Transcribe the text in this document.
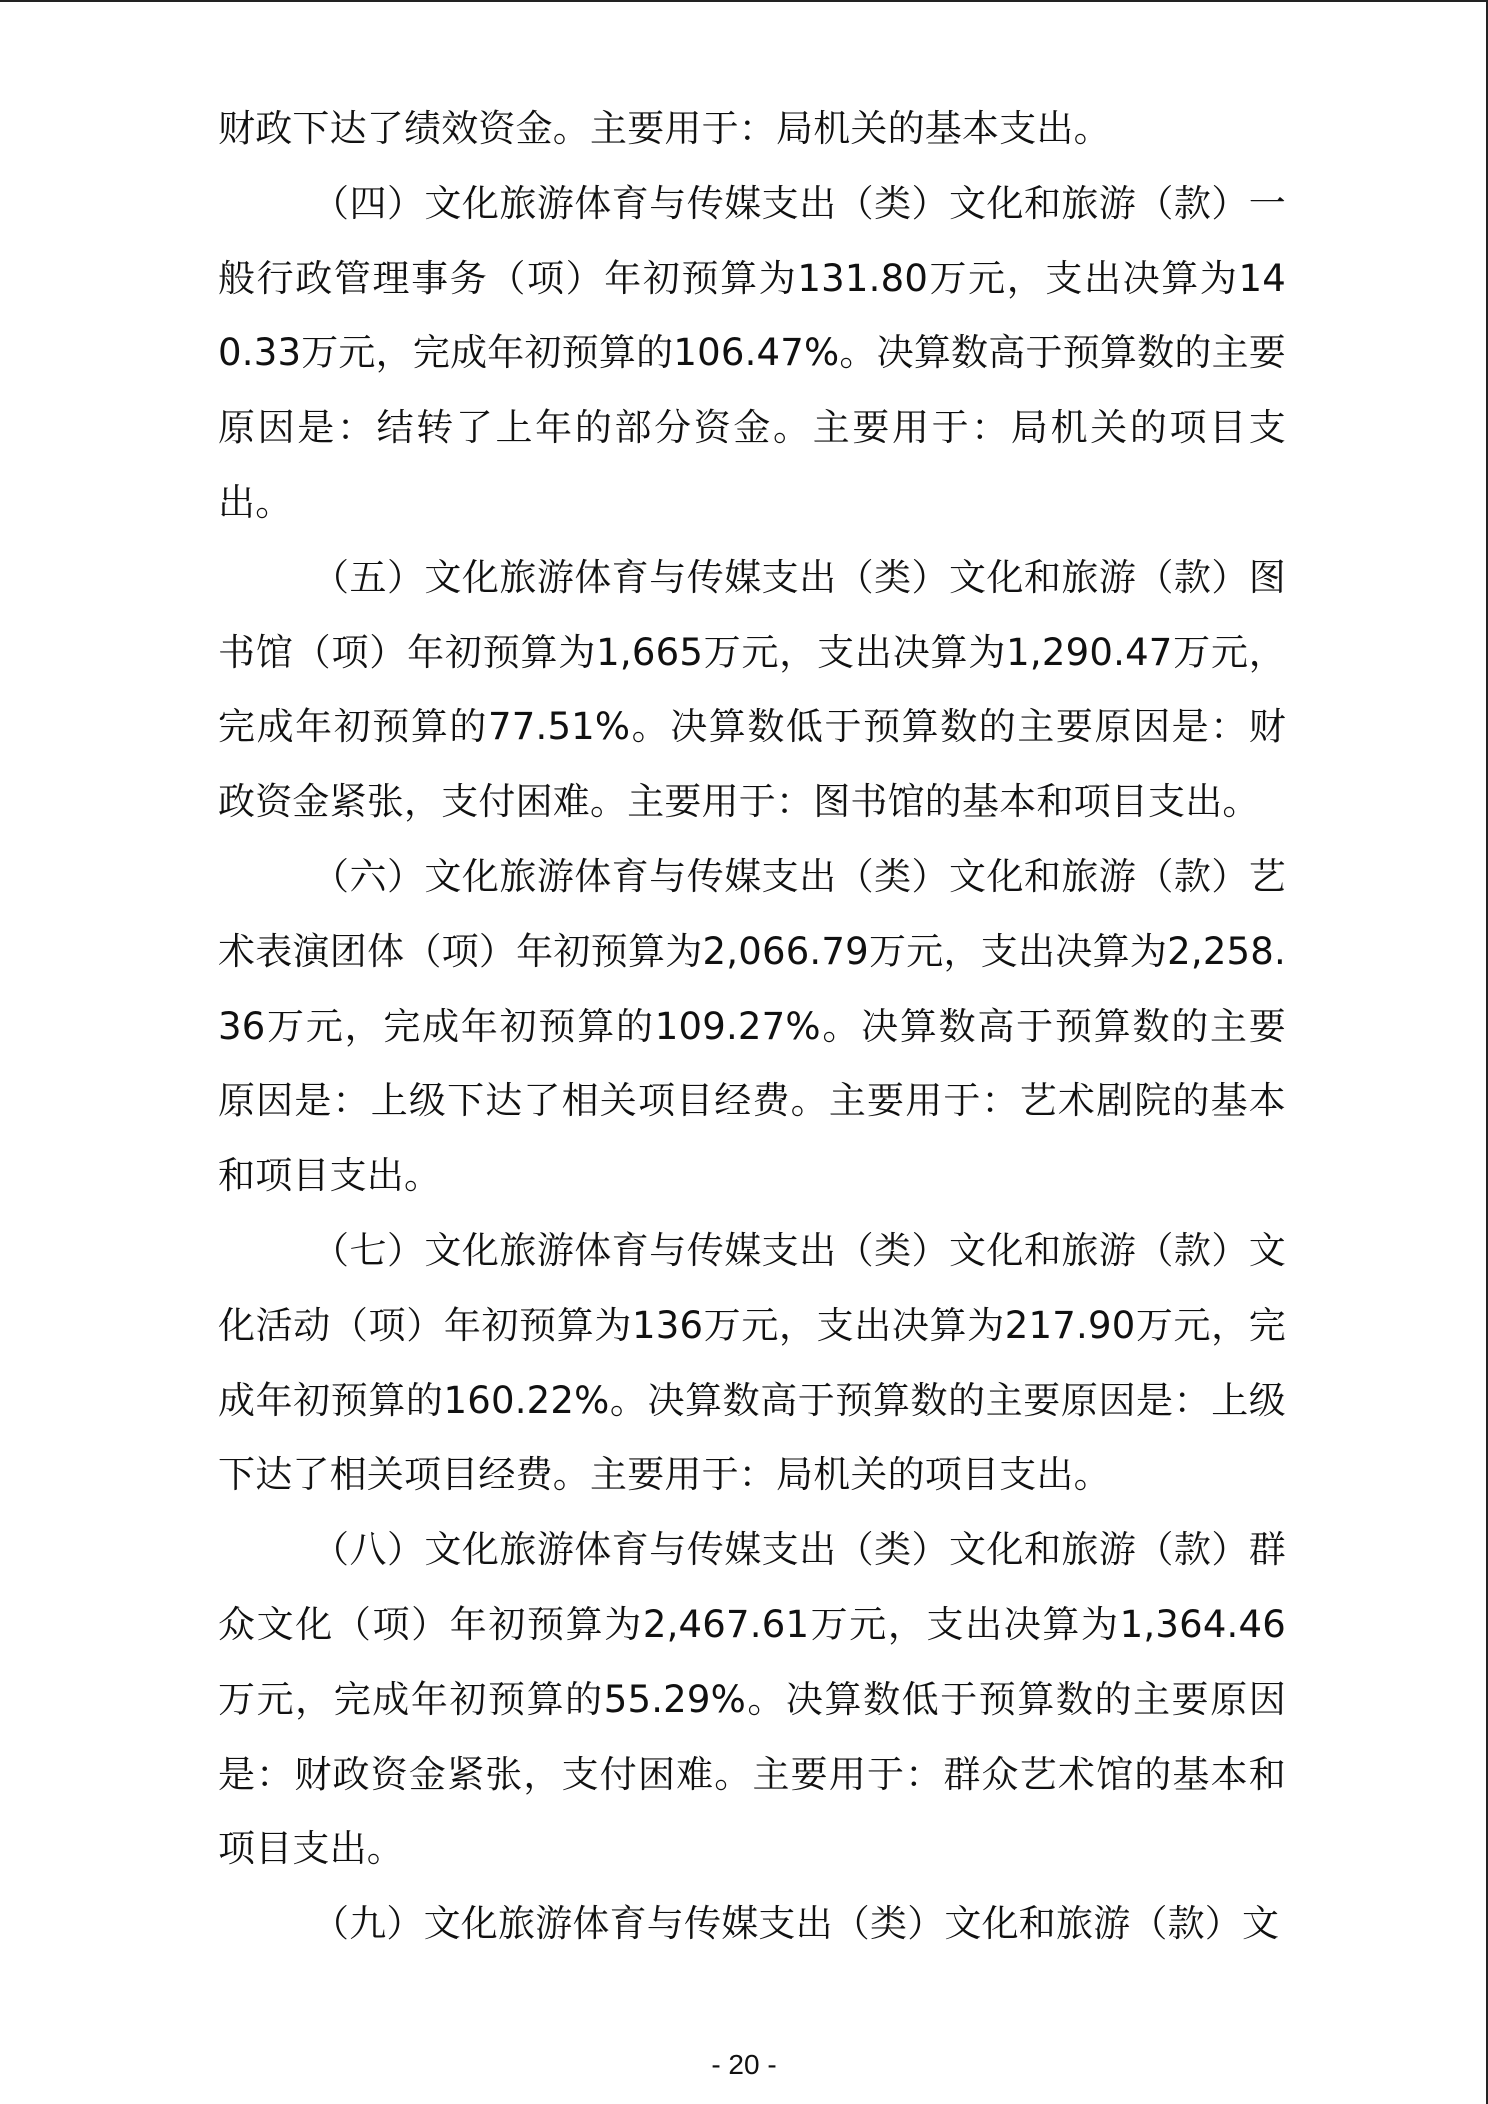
财政下达了绩效资金。主要用于：局机关的基本支出。

（四）文化旅游体育与传媒支出（类）文化和旅游（款）一般行政管理事务（项）年初预算为131.80万元，支出决算为140.33万元，完成年初预算的106.47%。决算数高于预算数的主要原因是：结转了上年的部分资金。主要用于：局机关的项目支出。

（五）文化旅游体育与传媒支出（类）文化和旅游（款）图书馆（项）年初预算为1,665万元，支出决算为1,290.47万元，完成年初预算的77.51%。决算数低于预算数的主要原因是：财政资金紧张，支付困难。主要用于：图书馆的基本和项目支出。

（六）文化旅游体育与传媒支出（类）文化和旅游（款）艺术表演团体（项）年初预算为2,066.79万元，支出决算为2,258.36万元，完成年初预算的109.27%。决算数高于预算数的主要原因是：上级下达了相关项目经费。主要用于：艺术剧院的基本和项目支出。

（七）文化旅游体育与传媒支出（类）文化和旅游（款）文化活动（项）年初预算为136万元，支出决算为217.90万元，完成年初预算的160.22%。决算数高于预算数的主要原因是：上级下达了相关项目经费。主要用于：局机关的项目支出。

（八）文化旅游体育与传媒支出（类）文化和旅游（款）群众文化（项）年初预算为2,467.61万元，支出决算为1,364.46万元，完成年初预算的55.29%。决算数低于预算数的主要原因是：财政资金紧张，支付困难。主要用于：群众艺术馆的基本和项目支出。

（九）文化旅游体育与传媒支出（类）文化和旅游（款）文

- 20 -
